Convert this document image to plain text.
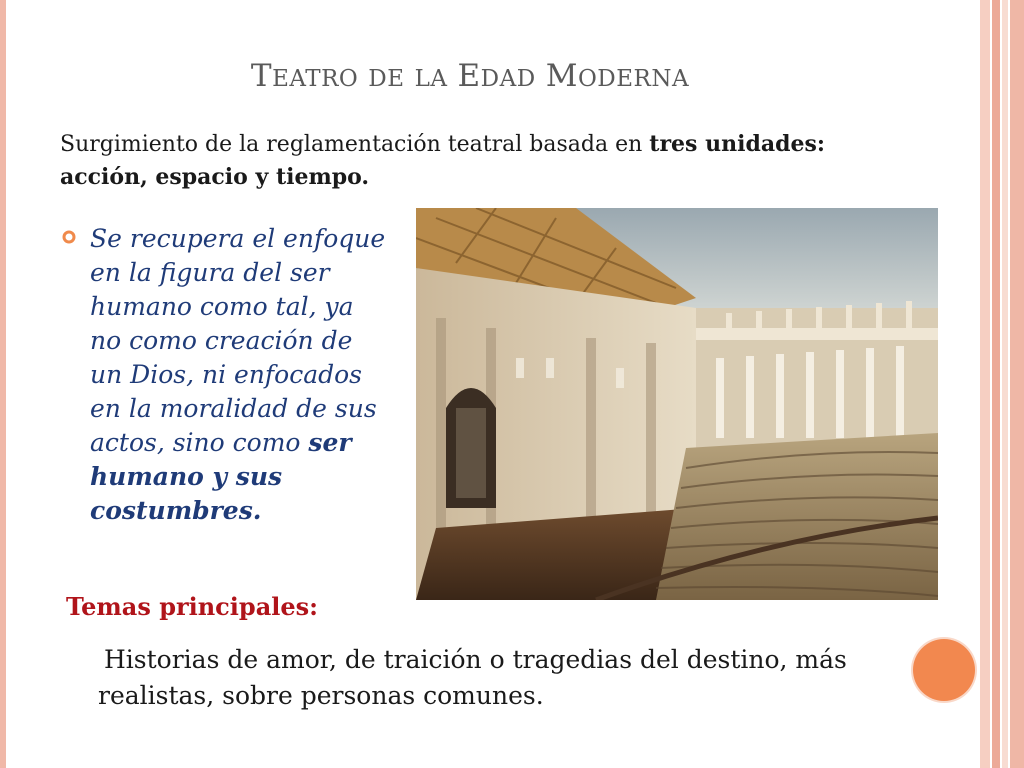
TEATRO DE LA EDAD MODERNA
Surgimiento de la reglamentación teatral basada en tres unidades: acción, espacio y tiempo.
Se recupera el enfoque en la figura del ser humano como tal, ya no como creación de un Dios, ni enfocados en la moralidad de sus actos, sino como ser humano y sus costumbres.
Temas principales:
Historias de amor, de traición o tragedias del destino, más realistas, sobre personas comunes.
